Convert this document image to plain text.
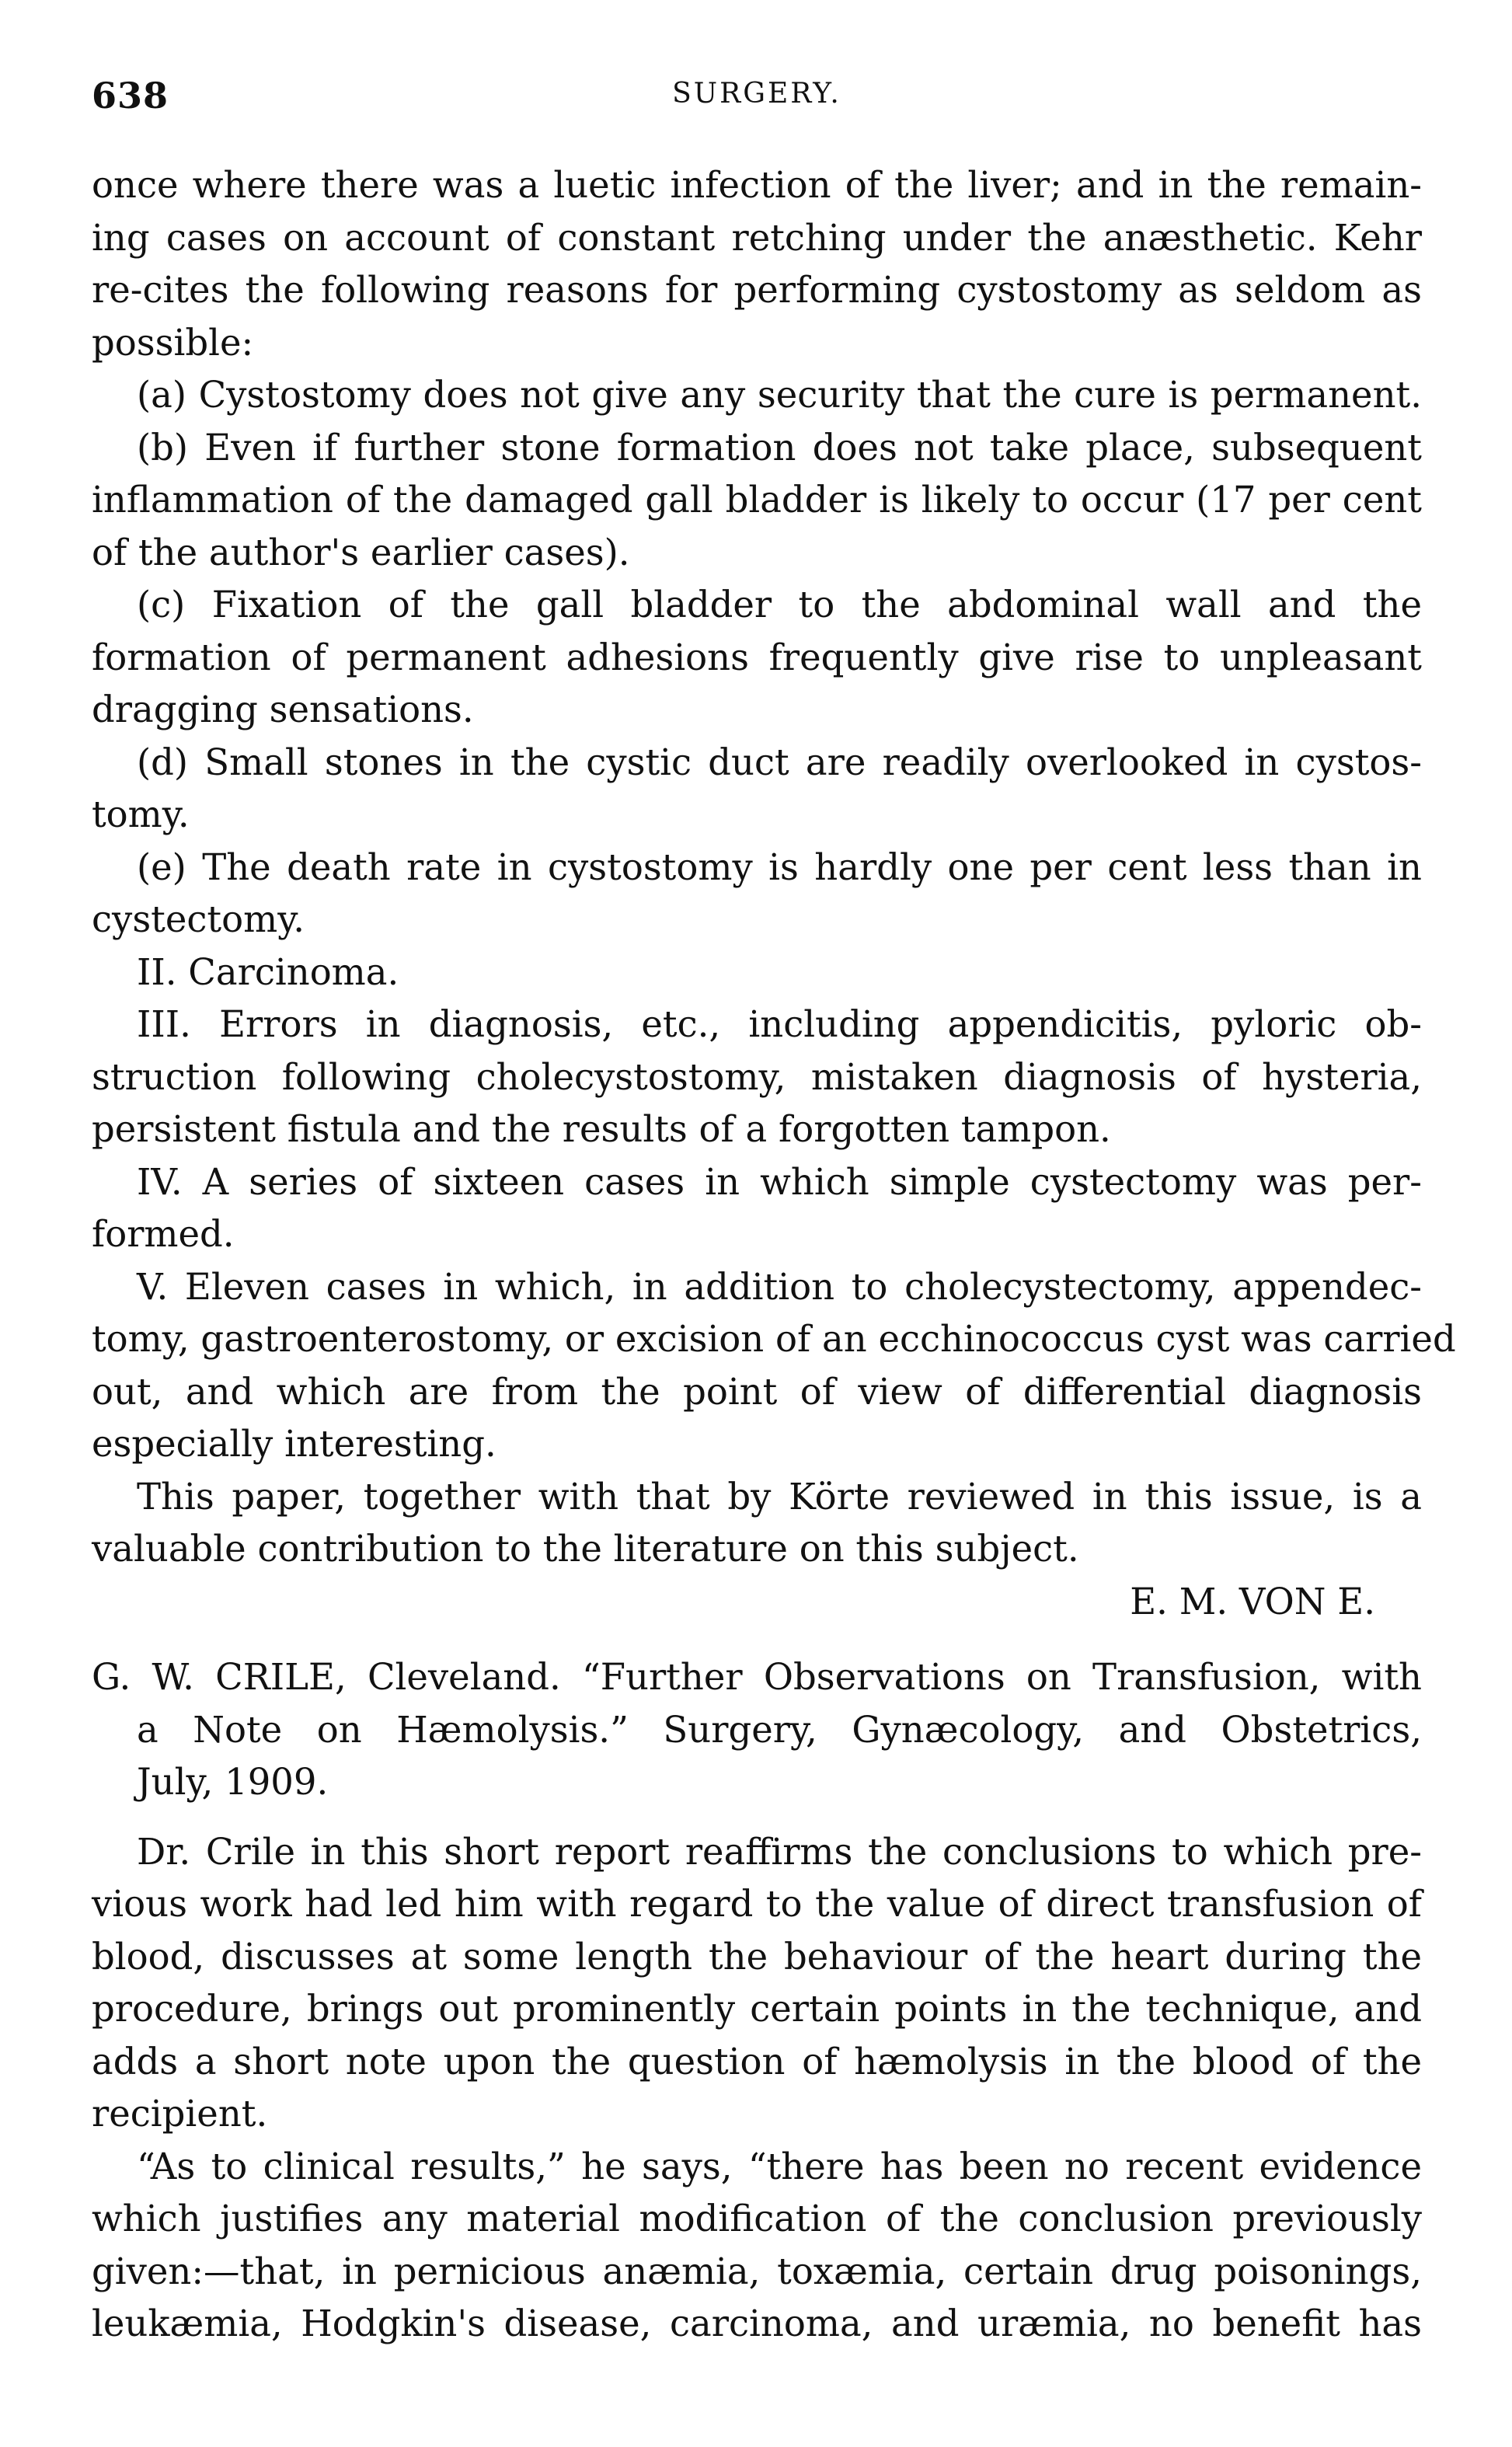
638	SURGERY.
once where there was a luetic infection of the liver; and in the remain-
ing cases on account of constant retching under the anæsthetic. Kehr
re-cites the following reasons for performing cystostomy as seldom as
possible:
(a) Cystostomy does not give any security that the cure is permanent.
(b) Even if further stone formation does not take place, subsequent
inflammation of the damaged gall bladder is likely to occur (17 per cent
of the author's earlier cases).
(c) Fixation of the gall bladder to the abdominal wall and the
formation of permanent adhesions frequently give rise to unpleasant
dragging sensations.
(d) Small stones in the cystic duct are readily overlooked in cystos-
tomy.
(e) The death rate in cystostomy is hardly one per cent less than in
cystectomy.
II. Carcinoma.
III. Errors in diagnosis, etc., including appendicitis, pyloric ob-
struction following cholecystostomy, mistaken diagnosis of hysteria,
persistent fistula and the results of a forgotten tampon.
IV. A series of sixteen cases in which simple cystectomy was per-
formed.
V. Eleven cases in which, in addition to cholecystectomy, appendec-
tomy, gastroenterostomy, or excision of an ecchinococcus cyst was carried
out, and which are from the point of view of differential diagnosis
especially interesting.
This paper, together with that by Körte reviewed in this issue, is a
valuable contribution to the literature on this subject.
E. M. VON E.
G. W. CRILE, Cleveland. “Further Observations on Transfusion, with
a Note on Hæmolysis.” Surgery, Gynæcology, and Obstetrics,
July, 1909.
Dr. Crile in this short report reaffirms the conclusions to which pre-
vious work had led him with regard to the value of direct transfusion of
blood, discusses at some length the behaviour of the heart during the
procedure, brings out prominently certain points in the technique, and
adds a short note upon the question of hæmolysis in the blood of the
recipient.
“As to clinical results,” he says, “there has been no recent evidence
which justifies any material modification of the conclusion previously
given:—that, in pernicious anæmia, toxæmia, certain drug poisonings,
leukæmia, Hodgkin's disease, carcinoma, and uræmia, no benefit has
